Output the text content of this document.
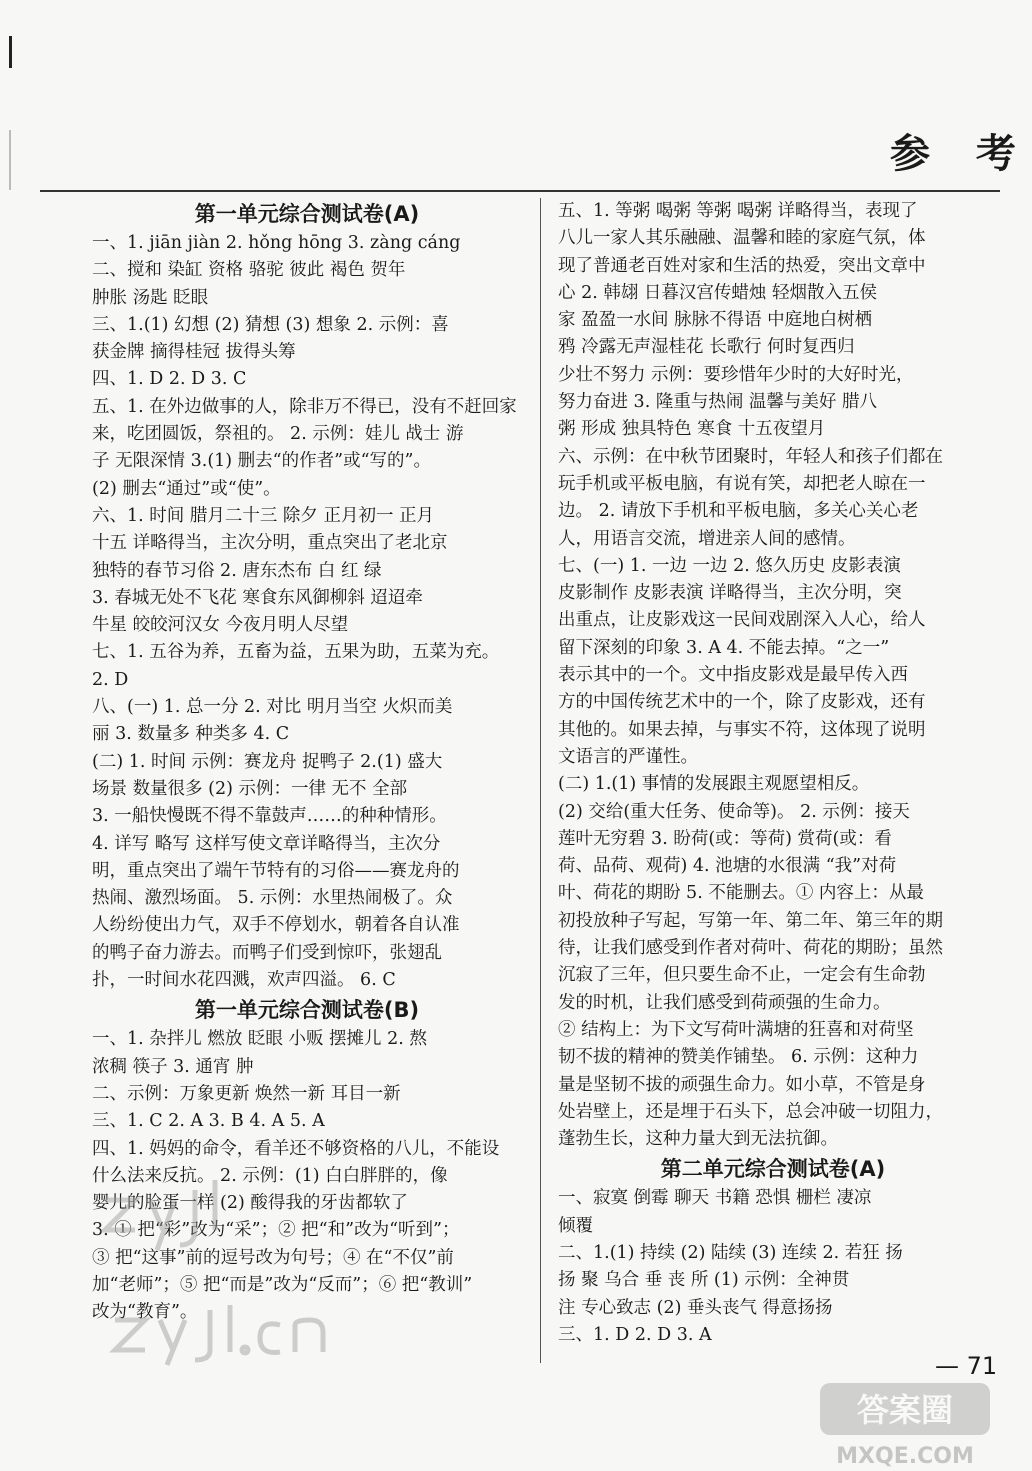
参 考
第一单元综合测试卷(A)
一、1. jiān jiàn 2. hǒng hōng 3. zàng cáng
二、搅和 染缸 资格 骆驼 彼此 褐色 贺年
肿胀 汤匙 眨眼
三、1.(1) 幻想 (2) 猜想 (3) 想象 2. 示例：喜
获金牌 摘得桂冠 拔得头筹
四、1. D 2. D 3. C
五、1. 在外边做事的人，除非万不得已，没有不赶回家
来，吃团圆饭，祭祖的。 2. 示例：娃儿 战士 游
子 无限深情 3.(1) 删去“的作者”或“写的”。
(2) 删去“通过”或“使”。
六、1. 时间 腊月二十三 除夕 正月初一 正月
十五 详略得当，主次分明，重点突出了老北京
独特的春节习俗 2. 唐东杰布 白 红 绿
3. 春城无处不飞花 寒食东风御柳斜 迢迢牵
牛星 皎皎河汉女 今夜月明人尽望
七、1. 五谷为养，五畜为益，五果为助，五菜为充。
2. D
八、(一) 1. 总一分 2. 对比 明月当空 火炽而美
丽 3. 数量多 种类多 4. C
(二) 1. 时间 示例：赛龙舟 捉鸭子 2.(1) 盛大
场景 数量很多 (2) 示例：一律 无不 全部
3. 一船快慢既不得不靠鼓声……的种种情形。
4. 详写 略写 这样写使文章详略得当，主次分
明，重点突出了端午节特有的习俗——赛龙舟的
热闹、激烈场面。 5. 示例：水里热闹极了。众
人纷纷使出力气，双手不停划水，朝着各自认准
的鸭子奋力游去。而鸭子们受到惊吓，张翅乱
扑，一时间水花四溅，欢声四溢。 6. C
第一单元综合测试卷(B)
一、1. 杂拌儿 燃放 眨眼 小贩 摆摊儿 2. 熬
浓稠 筷子 3. 通宵 肿
二、示例：万象更新 焕然一新 耳目一新
三、1. C 2. A 3. B 4. A 5. A
四、1. 妈妈的命令，看羊还不够资格的八儿，不能设
什么法来反抗。 2. 示例：(1) 白白胖胖的，像
婴儿的脸蛋一样 (2) 酸得我的牙齿都软了
3. ① 把“彩”改为“采”；② 把“和”改为“听到”；
③ 把“这事”前的逗号改为句号；④ 在“不仅”前
加“老师”；⑤ 把“而是”改为“反而”；⑥ 把“教训”
改为“教育”。
五、1. 等粥 喝粥 等粥 喝粥 详略得当，表现了
八儿一家人其乐融融、温馨和睦的家庭气氛，体
现了普通老百姓对家和生活的热爱，突出文章中
心 2. 韩翃 日暮汉宫传蜡烛 轻烟散入五侯
家 盈盈一水间 脉脉不得语 中庭地白树栖
鸦 冷露无声湿桂花 长歌行 何时复西归
少壮不努力 示例：要珍惜年少时的大好时光，
努力奋进 3. 隆重与热闹 温馨与美好 腊八
粥 形成 独具特色 寒食 十五夜望月
六、示例：在中秋节团聚时，年轻人和孩子们都在
玩手机或平板电脑，有说有笑，却把老人晾在一
边。 2. 请放下手机和平板电脑，多关心关心老
人，用语言交流，增进亲人间的感情。
七、(一) 1. 一边 一边 2. 悠久历史 皮影表演
皮影制作 皮影表演 详略得当，主次分明，突
出重点，让皮影戏这一民间戏剧深入人心，给人
留下深刻的印象 3. A 4. 不能去掉。“之一”
表示其中的一个。文中指皮影戏是最早传入西
方的中国传统艺术中的一个，除了皮影戏，还有
其他的。如果去掉，与事实不符，这体现了说明
文语言的严谨性。
(二) 1.(1) 事情的发展跟主观愿望相反。
(2) 交给(重大任务、使命等)。 2. 示例：接天
莲叶无穷碧 3. 盼荷(或：等荷) 赏荷(或：看
荷、品荷、观荷) 4. 池塘的水很满 “我”对荷
叶、荷花的期盼 5. 不能删去。① 内容上：从最
初投放种子写起，写第一年、第二年、第三年的期
待，让我们感受到作者对荷叶、荷花的期盼；虽然
沉寂了三年，但只要生命不止，一定会有生命勃
发的时机，让我们感受到荷顽强的生命力。
② 结构上：为下文写荷叶满塘的狂喜和对荷坚
韧不拔的精神的赞美作铺垫。 6. 示例：这种力
量是坚韧不拔的顽强生命力。如小草，不管是身
处岩壁上，还是埋于石头下，总会冲破一切阻力，
蓬勃生长，这种力量大到无法抗御。
第二单元综合测试卷(A)
一、寂寞 倒霉 聊天 书籍 恐惧 栅栏 凄凉
倾覆
二、1.(1) 持续 (2) 陆续 (3) 连续 2. 若狂 扬
扬 聚 乌合 垂 丧 所 (1) 示例：全神贯
注 专心致志 (2) 垂头丧气 得意扬扬
三、1. D 2. D 3. A
— 71
答案圈
MXQE.COM
